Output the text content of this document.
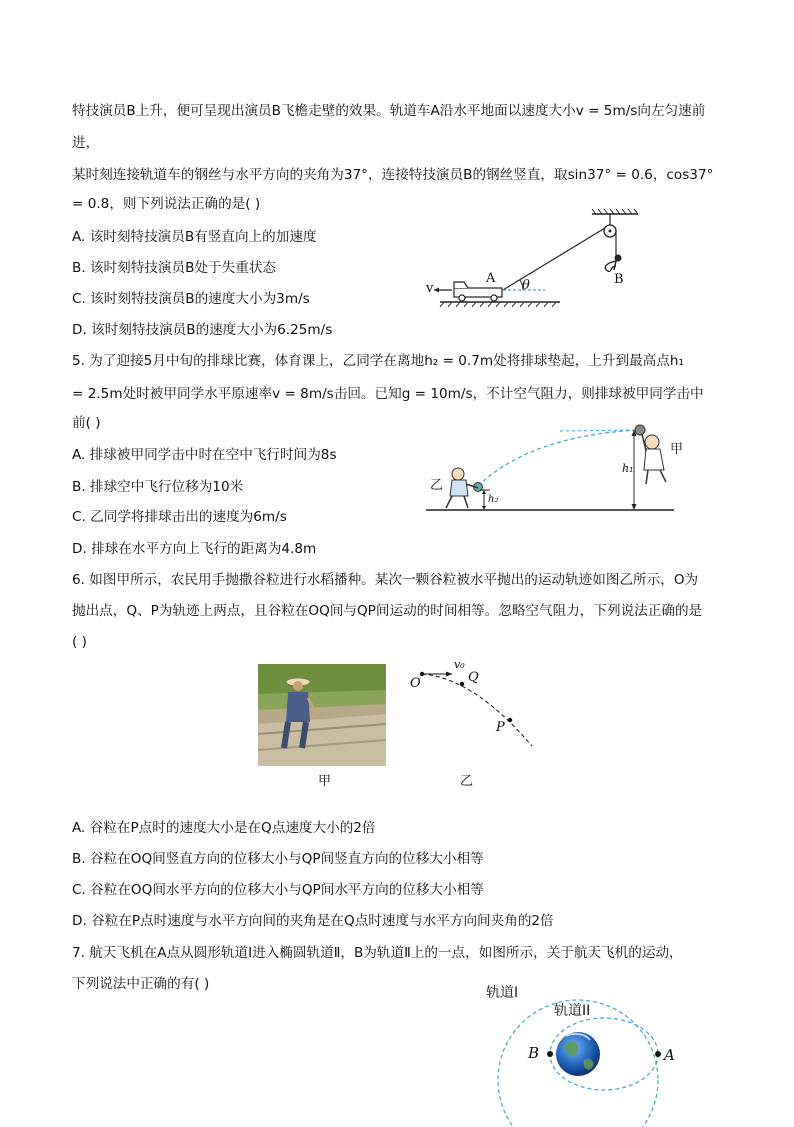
特技演员B上升，便可呈现出演员B飞檐走壁的效果。轨道车A沿水平地面以速度大小v = 5m/s向左匀速前
进，
某时刻连接轨道车的钢丝与水平方向的夹角为37°，连接特技演员B的钢丝竖直，取sin37° = 0.6，cos37°
= 0.8，则下列说法正确的是( )
A. 该时刻特技演员B有竖直向上的加速度
B. 该时刻特技演员B处于失重状态
C. 该时刻特技演员B的速度大小为3m/s
D. 该时刻特技演员B的速度大小为6.25m/s
v
A θ	B
5. 为了迎接5月中旬的排球比赛，体育课上，乙同学在离地h₂ = 0.7m处将排球垫起，上升到最高点h₁
= 2.5m处时被甲同学水平原速率v = 8m/s击回。已知g = 10m/s，不计空气阻力，则排球被甲同学击中
前( )
A. 排球被甲同学击中时在空中飞行时间为8s
B. 排球空中飞行位移为10米
C. 乙同学将排球击出的速度为6m/s
D. 排球在水平方向上飞行的距离为4.8m
乙
甲
h₁
h₂
6. 如图甲所示，农民用手抛撒谷粒进行水稻播种。某次一颗谷粒被水平抛出的运动轨迹如图乙所示，O为
抛出点，Q、P为轨迹上两点，且谷粒在OQ间与QP间运动的时间相等。忽略空气阻力，下列说法正确的是
( )
甲
O	Q
P
v₀
乙
A. 谷粒在P点时的速度大小是在Q点速度大小的2倍
B. 谷粒在OQ间竖直方向的位移大小与QP间竖直方向的位移大小相等
C. 谷粒在OQ间水平方向的位移大小与QP间水平方向的位移大小相等
D. 谷粒在P点时速度与水平方向间的夹角是在Q点时速度与水平方向间夹角的2倍
7. 航天飞机在A点从圆形轨道Ⅰ进入椭圆轨道Ⅱ，B为轨道Ⅱ上的一点，如图所示，关于航天飞机的运动，
下列说法中正确的有( )
轨道I
轨道II
B	A
